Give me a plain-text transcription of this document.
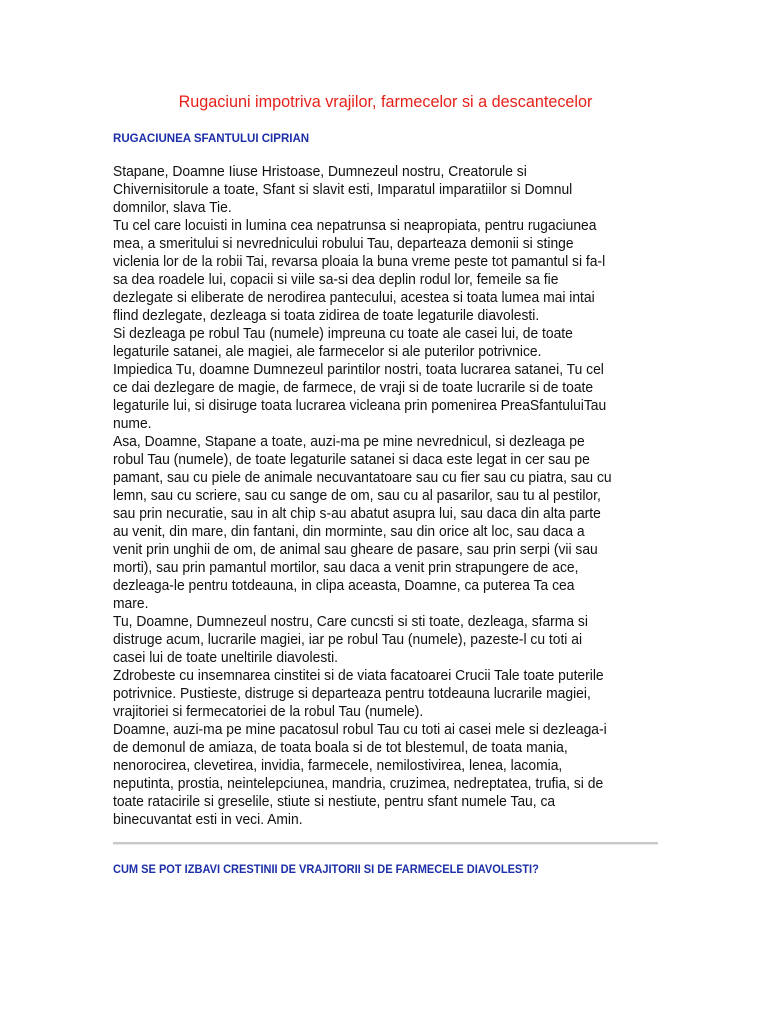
Rugaciuni impotriva vrajilor, farmecelor si a descantecelor
RUGACIUNEA SFANTULUI CIPRIAN
Stapane, Doamne Iiuse Hristoase, Dumnezeul nostru, Creatorule si
Chivernisitorule a toate, Sfant si slavit esti, Imparatul imparatiilor si Domnul
domnilor, slava Tie.
Tu cel care locuisti in lumina cea nepatrunsa si neapropiata, pentru rugaciunea
mea, a smeritului si nevrednicului robului Tau, departeaza demonii si stinge
viclenia lor de la robii Tai, revarsa ploaia la buna vreme peste tot pamantul si fa-l
sa dea roadele lui, copacii si viile sa-si dea deplin rodul lor, femeile sa fie
dezlegate si eliberate de nerodirea pantecului, acestea si toata lumea mai intai
flind dezlegate, dezleaga si toata zidirea de toate legaturile diavolesti.
Si dezleaga pe robul Tau (numele) impreuna cu toate ale casei lui, de toate
legaturile satanei, ale magiei, ale farmecelor si ale puterilor potrivnice.
Impiedica Tu, doamne Dumnezeul parintilor nostri, toata lucrarea satanei, Tu cel
ce dai dezlegare de magie, de farmece, de vraji si de toate lucrarile si de toate
legaturile lui, si disiruge toata lucrarea vicleana prin pomenirea PreaSfantuluiTau
nume.
Asa, Doamne, Stapane a toate, auzi-ma pe mine nevrednicul, si dezleaga pe
robul Tau (numele), de toate legaturile satanei si daca este legat in cer sau pe
pamant, sau cu piele de animale necuvantatoare sau cu fier sau cu piatra, sau cu
lemn, sau cu scriere, sau cu sange de om, sau cu al pasarilor, sau tu al pestilor,
sau prin necuratie, sau in alt chip s-au abatut asupra lui, sau daca din alta parte
au venit, din mare, din fantani, din morminte, sau din orice alt loc, sau daca a
venit prin unghii de om, de animal sau gheare de pasare, sau prin serpi (vii sau
morti), sau prin pamantul mortilor, sau daca a venit prin strapungere de ace,
dezleaga-le pentru totdeauna, in clipa aceasta, Doamne, ca puterea Ta cea
mare.
Tu, Doamne, Dumnezeul nostru, Care cuncsti si sti toate, dezleaga, sfarma si
distruge acum, lucrarile magiei, iar pe robul Tau (numele), pazeste-l cu toti ai
casei lui de toate uneltirile diavolesti.
Zdrobeste cu insemnarea cinstitei si de viata facatoarei Crucii Tale toate puterile
potrivnice. Pustieste, distruge si departeaza pentru totdeauna lucrarile magiei,
vrajitoriei si fermecatoriei de la robul Tau (numele).
Doamne, auzi-ma pe mine pacatosul robul Tau cu toti ai casei mele si dezleaga-i
de demonul de amiaza, de toata boala si de tot blestemul, de toata mania,
nenorocirea, clevetirea, invidia, farmecele, nemilostivirea, lenea, lacomia,
neputinta, prostia, neintelepciunea, mandria, cruzimea, nedreptatea, trufia, si de
toate ratacirile si greselile, stiute si nestiute, pentru sfant numele Tau, ca
binecuvantat esti in veci. Amin.
CUM SE POT IZBAVI CRESTINII DE VRAJITORII SI DE FARMECELE DIAVOLESTI?
